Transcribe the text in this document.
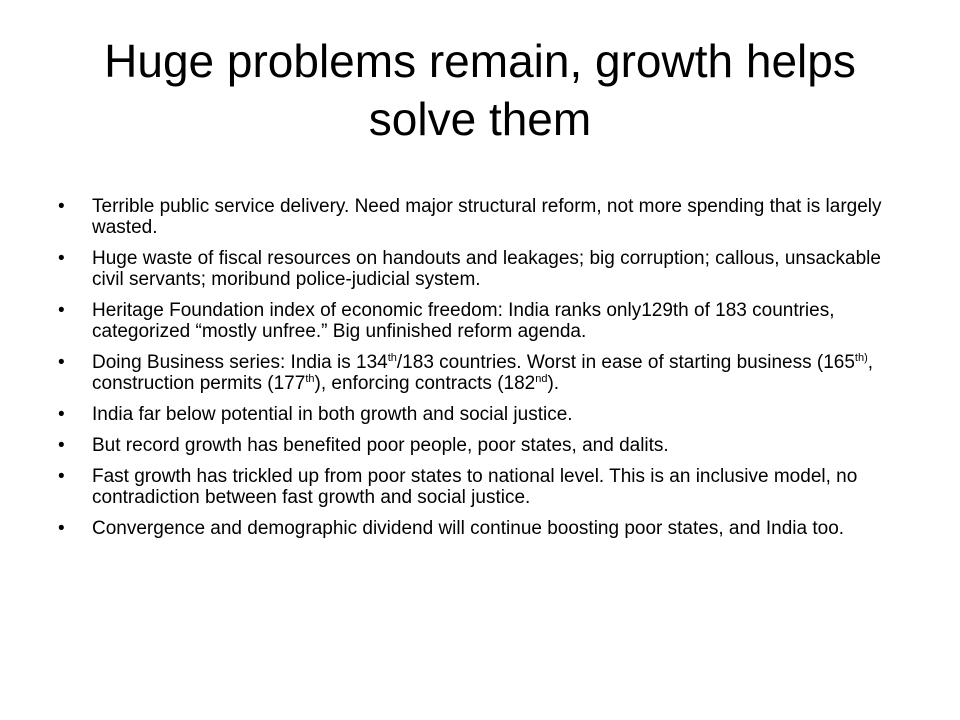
Huge problems remain, growth helps solve them
• Terrible public service delivery. Need major structural reform, not more spending that is largely wasted.
• Huge waste of fiscal resources on handouts and leakages; big corruption; callous, unsackable civil servants; moribund police-judicial system.
• Heritage Foundation index of economic freedom: India ranks only129th of 183 countries, categorized “mostly unfree.” Big unfinished reform agenda.
• Doing Business series: India is 134th/183 countries. Worst in ease of starting business ($165^{th)}$, construction permits (177th), enforcing contracts (182nd).
• India far below potential in both growth and social justice.
• But record growth has benefited poor people, poor states, and dalits.
• Fast growth has trickled up from poor states to national level. This is an inclusive model, no contradiction between fast growth and social justice.
• Convergence and demographic dividend will continue boosting poor states, and India too.
